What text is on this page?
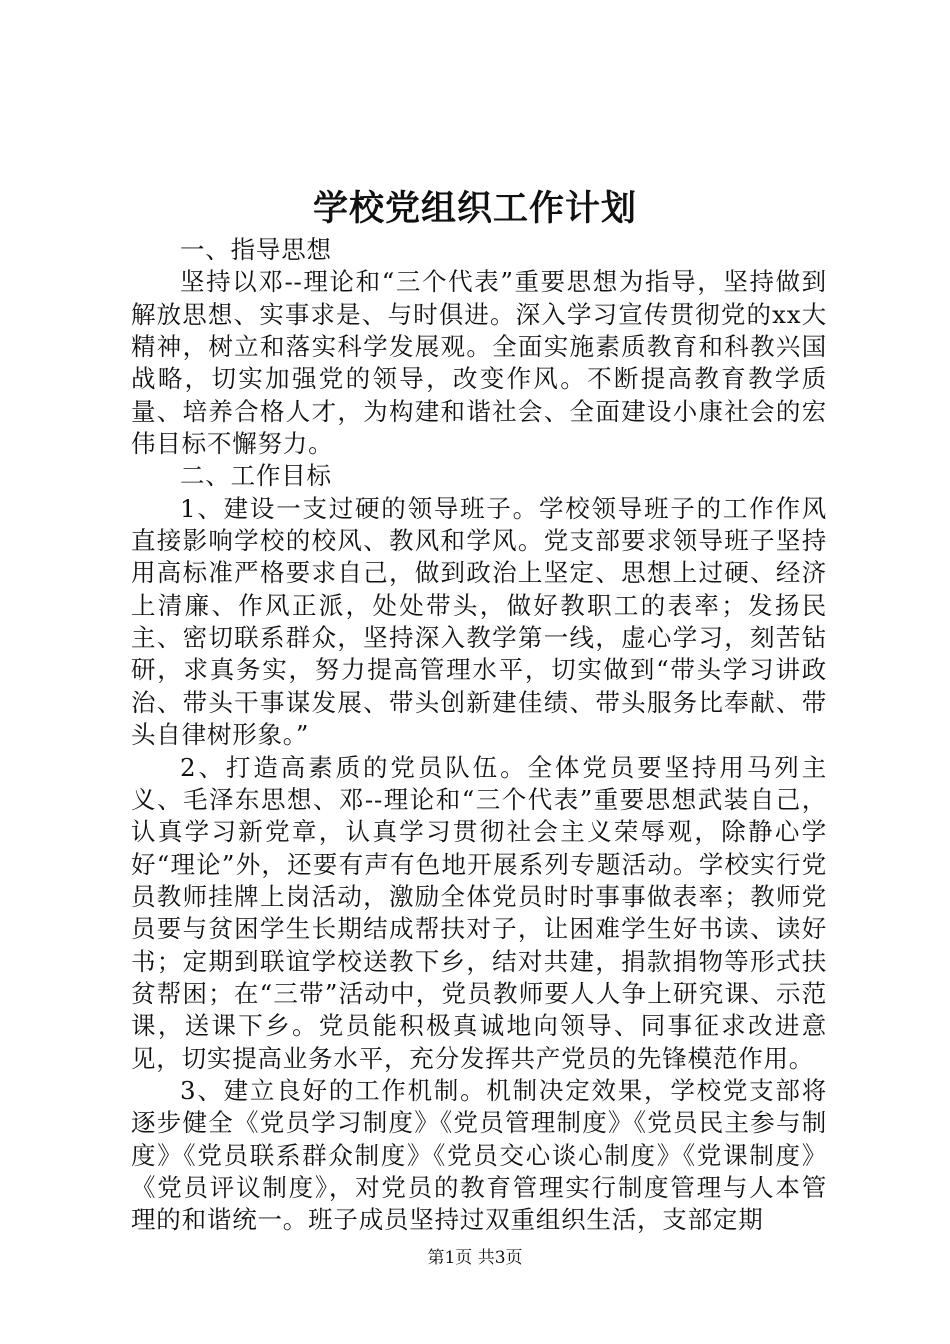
学校党组织工作计划

一、指导思想

坚持以邓--理论和“三个代表”重要思想为指导，坚持做到解放思想、实事求是、与时俱进。深入学习宣传贯彻党的xx大精神，树立和落实科学发展观。全面实施素质教育和科教兴国战略，切实加强党的领导，改变作风。不断提高教育教学质量、培养合格人才，为构建和谐社会、全面建设小康社会的宏伟目标不懈努力。

二、工作目标

1、建设一支过硬的领导班子。学校领导班子的工作作风直接影响学校的校风、教风和学风。党支部要求领导班子坚持用高标准严格要求自己，做到政治上坚定、思想上过硬、经济上清廉、作风正派，处处带头，做好教职工的表率；发扬民主、密切联系群众，坚持深入教学第一线，虚心学习，刻苦钻研，求真务实，努力提高管理水平，切实做到“带头学习讲政治、带头干事谋发展、带头创新建佳绩、带头服务比奉献、带头自律树形象。”

2、打造高素质的党员队伍。全体党员要坚持用马列主义、毛泽东思想、邓--理论和“三个代表”重要思想武装自己，认真学习新党章，认真学习贯彻社会主义荣辱观，除静心学好“理论”外，还要有声有色地开展系列专题活动。学校实行党员教师挂牌上岗活动，激励全体党员时时事事做表率；教师党员要与贫困学生长期结成帮扶对子，让困难学生好书读、读好书；定期到联谊学校送教下乡，结对共建，捐款捐物等形式扶贫帮困；在“三带”活动中，党员教师要人人争上研究课、示范课，送课下乡。党员能积极真诚地向领导、同事征求改进意见，切实提高业务水平，充分发挥共产党员的先锋模范作用。

3、建立良好的工作机制。机制决定效果，学校党支部将逐步健全《党员学习制度》《党员管理制度》《党员民主参与制度》《党员联系群众制度》《党员交心谈心制度》《党课制度》《党员评议制度》，对党员的教育管理实行制度管理与人本管理的和谐统一。班子成员坚持过双重组织生活，支部定期

第1页 共3页
